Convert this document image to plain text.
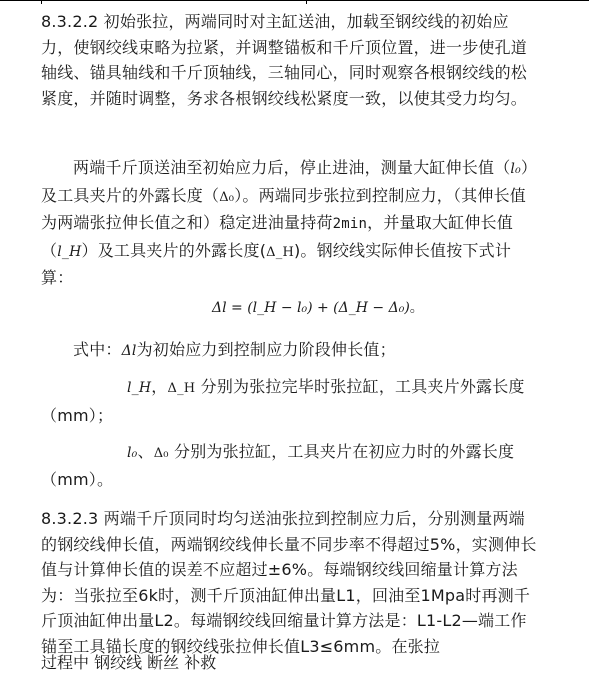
8.3.2.2 初始张拉，两端同时对主缸送油，加载至钢绞线的初始应力，使钢绞线束略为拉紧，并调整锚板和千斤顶位置，进一步使孔道轴线、锚具轴线和千斤顶轴线，三轴同心，同时观察各根钢绞线的松紧度，并随时调整，务求各根钢绞线松紧度一致，以使其受力均匀。
两端千斤顶送油至初始应力后，停止进油，测量大缸伸长值（l₀）及工具夹片的外露长度（Δ₀）。两端同步张拉到控制应力，（其伸长值为两端张拉伸长值之和）稳定进油量持荷2min，并量取大缸伸长值（l_H）及工具夹片的外露长度(Δ_H)。钢绞线实际伸长值按下式计算：
Δl = (l_H − l₀) + (Δ_H − Δ₀)。
式中：Δl为初始应力到控制应力阶段伸长值；
l_H，Δ_H 分别为张拉完毕时张拉缸，工具夹片外露长度
（mm）；
l₀、Δ₀ 分别为张拉缸，工具夹片在初应力时的外露长度
（mm）。
8.3.2.3 两端千斤顶同时均匀送油张拉到控制应力后，分别测量两端的钢绞线伸长值，两端钢绞线伸长量不同步率不得超过5%，实测伸长值与计算伸长值的误差不应超过±6%。每端钢绞线回缩量计算方法为：当张拉至6k时，测千斤顶油缸伸出量L1，回油至1Mpa时再测千斤顶油缸伸出量L2。每端钢绞线回缩量计算方法是：L1-L2—端工作锚至工具锚长度的钢绞线张拉伸长值L3≤6mm。在张拉
过程中 钢绞线 断丝 补救
